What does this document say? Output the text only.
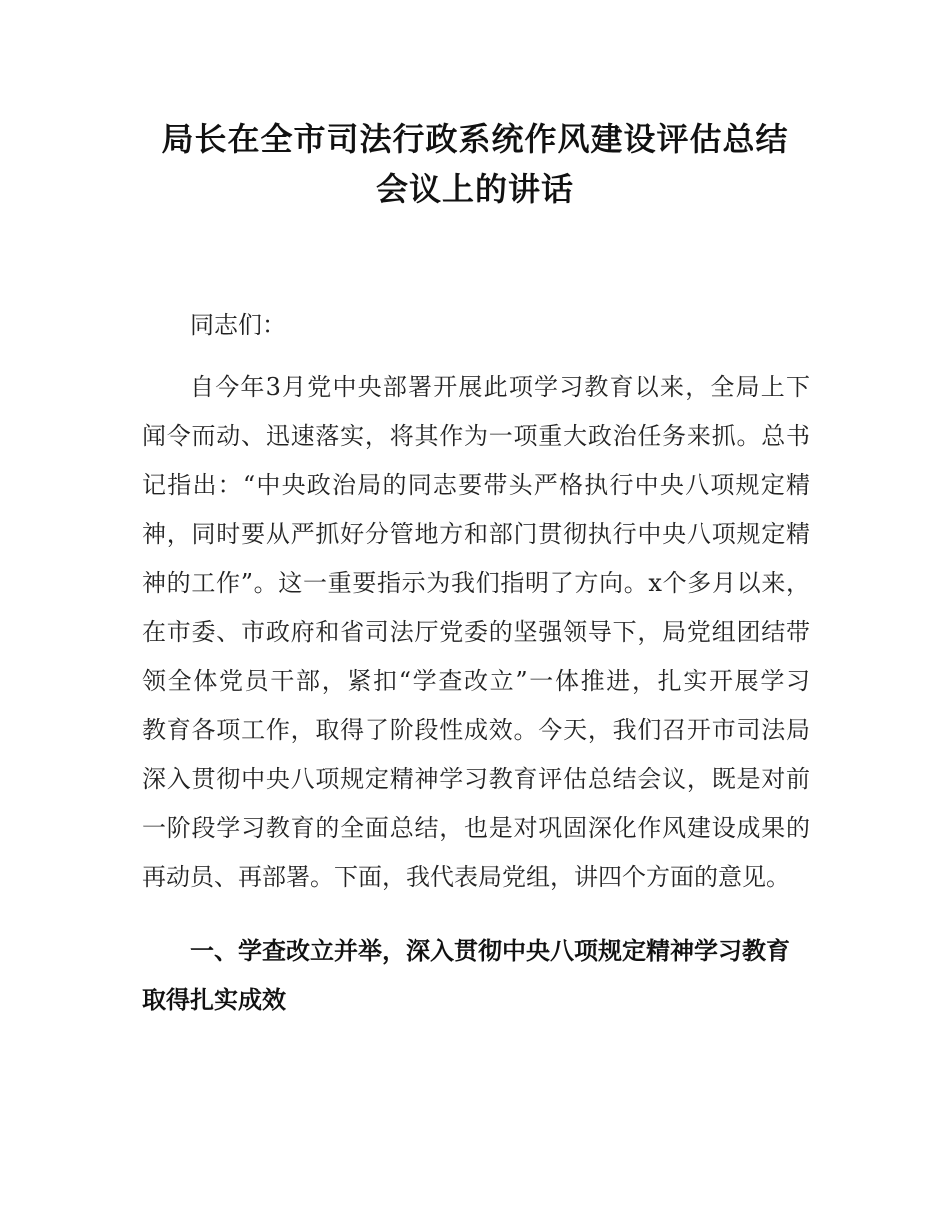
局长在全市司法行政系统作风建设评估总结
会议上的讲话

同志们：

自今年3月党中央部署开展此项学习教育以来，全局上下

闻令而动、迅速落实，将其作为一项重大政治任务来抓。总书

记指出：“中央政治局的同志要带头严格执行中央八项规定精

神，同时要从严抓好分管地方和部门贯彻执行中央八项规定精

神的工作”。这一重要指示为我们指明了方向。x个多月以来，

在市委、市政府和省司法厅党委的坚强领导下，局党组团结带

领全体党员干部，紧扣“学查改立”一体推进，扎实开展学习

教育各项工作，取得了阶段性成效。今天，我们召开市司法局

深入贯彻中央八项规定精神学习教育评估总结会议，既是对前

一阶段学习教育的全面总结，也是对巩固深化作风建设成果的

再动员、再部署。下面，我代表局党组，讲四个方面的意见。

一、学查改立并举，深入贯彻中央八项规定精神学习教育

取得扎实成效
